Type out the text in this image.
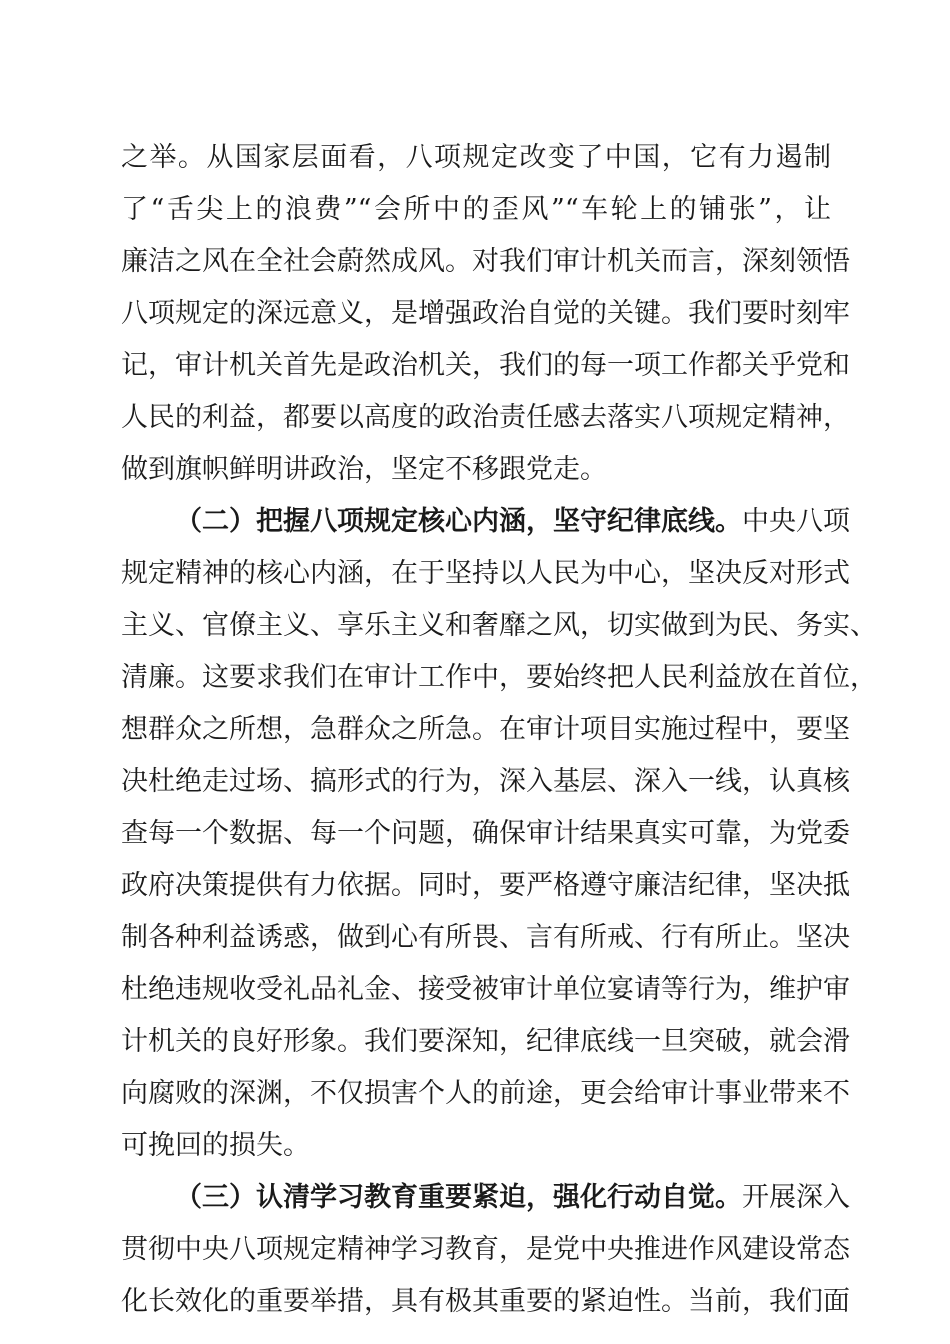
之举。从国家层面看，八项规定改变了中国，它有力遏制
了“舌尖上的浪费”“会所中的歪风”“车轮上的铺张”，让
廉洁之风在全社会蔚然成风。对我们审计机关而言，深刻领悟
八项规定的深远意义，是增强政治自觉的关键。我们要时刻牢
记，审计机关首先是政治机关，我们的每一项工作都关乎党和
人民的利益，都要以高度的政治责任感去落实八项规定精神，
做到旗帜鲜明讲政治，坚定不移跟党走。
（二）把握八项规定核心内涵，坚守纪律底线。中央八项
规定精神的核心内涵，在于坚持以人民为中心，坚决反对形式
主义、官僚主义、享乐主义和奢靡之风，切实做到为民、务实、
清廉。这要求我们在审计工作中，要始终把人民利益放在首位，
想群众之所想，急群众之所急。在审计项目实施过程中，要坚
决杜绝走过场、搞形式的行为，深入基层、深入一线，认真核
查每一个数据、每一个问题，确保审计结果真实可靠，为党委
政府决策提供有力依据。同时，要严格遵守廉洁纪律，坚决抵
制各种利益诱惑，做到心有所畏、言有所戒、行有所止。坚决
杜绝违规收受礼品礼金、接受被审计单位宴请等行为，维护审
计机关的良好形象。我们要深知，纪律底线一旦突破，就会滑
向腐败的深渊，不仅损害个人的前途，更会给审计事业带来不
可挽回的损失。
（三）认清学习教育重要紧迫，强化行动自觉。开展深入
贯彻中央八项规定精神学习教育，是党中央推进作风建设常态
化长效化的重要举措，具有极其重要的紧迫性。当前，我们面
